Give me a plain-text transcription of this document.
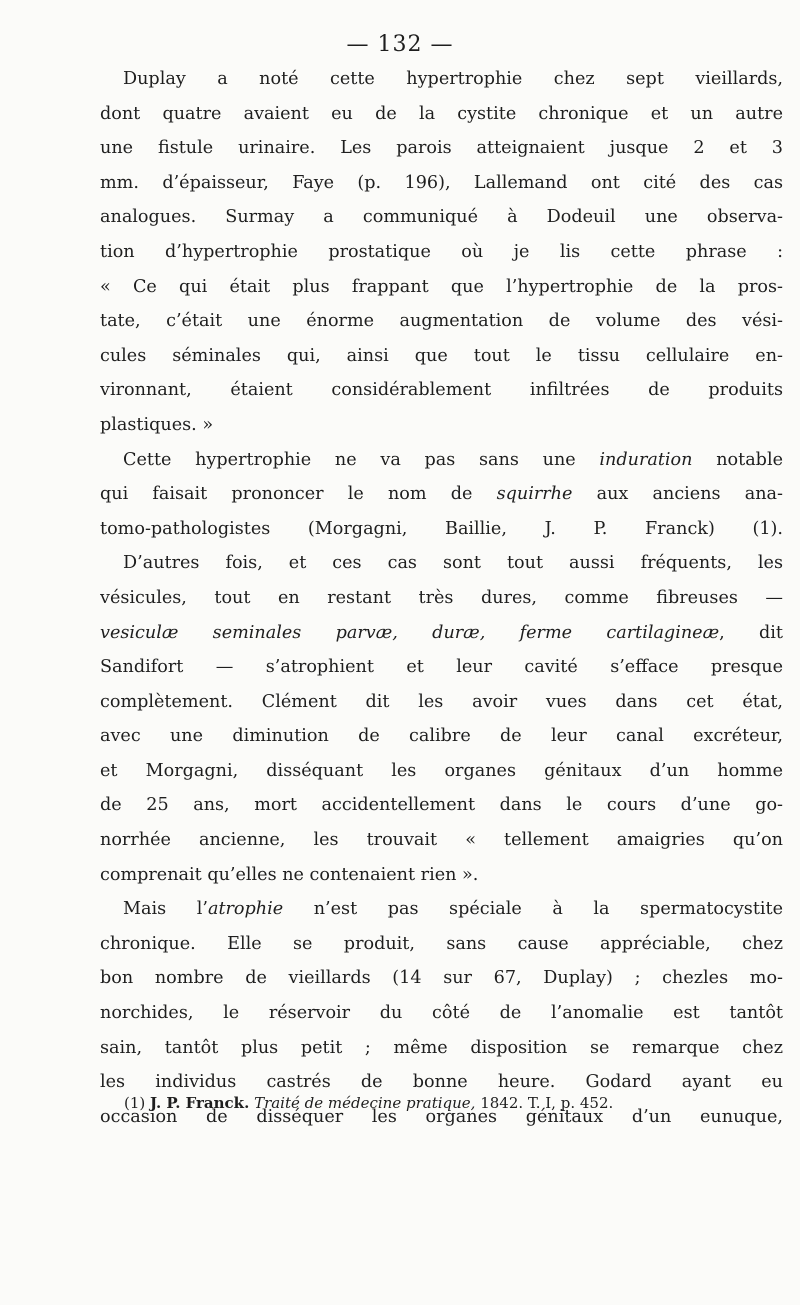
— 132 —
Duplay a noté cette hypertrophie chez sept vieillards,
dont quatre avaient eu de la cystite chronique et un autre
une fistule urinaire. Les parois atteignaient jusque 2 et 3
mm. d’épaisseur, Faye (p. 196), Lallemand ont cité des cas
analogues. Surmay a communiqué à Dodeuil une observa-
tion d’hypertrophie prostatique où je lis cette phrase :
« Ce qui était plus frappant que l’hypertrophie de la pros-
tate, c’était une énorme augmentation de volume des vési-
cules séminales qui, ainsi que tout le tissu cellulaire en-
vironnant, étaient considérablement infiltrées de produits
plastiques. »
Cette hypertrophie ne va pas sans une induration notable
qui faisait prononcer le nom de squirrhe aux anciens ana-
tomo-pathologistes (Morgagni, Baillie, J. P. Franck) (1).
D’autres fois, et ces cas sont tout aussi fréquents, les
vésicules, tout en restant très dures, comme fibreuses —
vesiculæ seminales parvæ, duræ, ferme cartilagineæ, dit
Sandifort — s’atrophient et leur cavité s’efface presque
complètement. Clément dit les avoir vues dans cet état,
avec une diminution de calibre de leur canal excréteur,
et Morgagni, disséquant les organes génitaux d’un homme
de 25 ans, mort accidentellement dans le cours d’une go-
norrhée ancienne, les trouvait « tellement amaigries qu’on
comprenait qu’elles ne contenaient rien ».
Mais l’atrophie n’est pas spéciale à la spermatocystite
chronique. Elle se produit, sans cause appréciable, chez
bon nombre de vieillards (14 sur 67, Duplay) ; chezles mo-
norchides, le réservoir du côté de l’anomalie est tantôt
sain, tantôt plus petit ; même disposition se remarque chez
les individus castrés de bonne heure. Godard ayant eu
occasion de disséquer les organes génitaux d’un eunuque,
(1) J. P. Franck. Traité de médecine pratique, 1842. T. I, p. 452.
